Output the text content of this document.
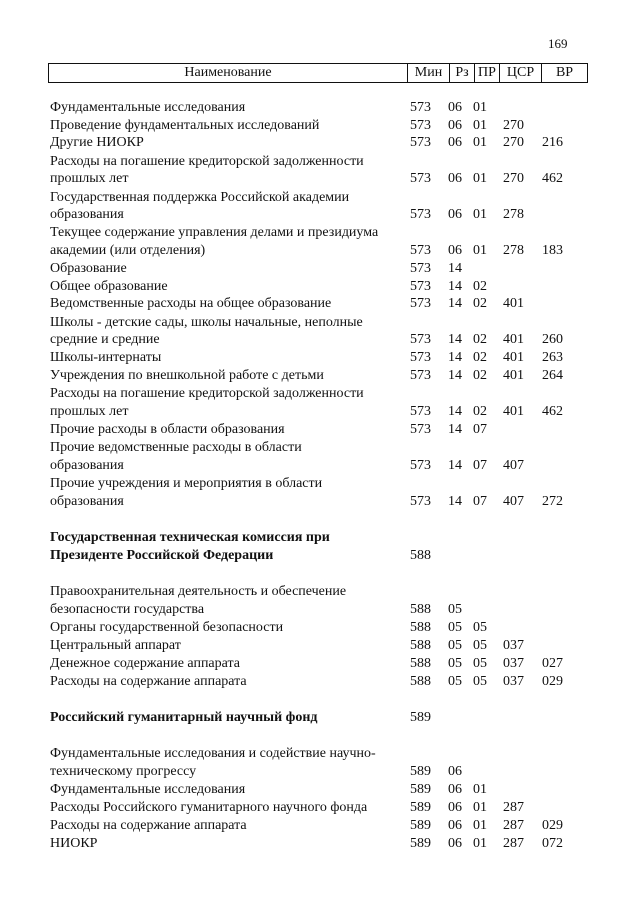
169
Наименование	Мин Рз ПР ЦСР	ВР
Фундаментальные исследования	573 06 01
Проведение фундаментальных исследований	573 06 01 270
Другие НИОКР	573 06 01 270 216
Расходы на погашение кредиторской задолженности
прошлых лет	573 06 01 270 462
Государственная поддержка Российской академии
образования	573 06 01 278
Текущее содержание управления делами и президиума
академии (или отделения)	573 06 01 278 183
Образование	573 14
Общее образование	573 14 02
Ведомственные расходы на общее образование	573 14 02 401
Школы - детские сады, школы начальные, неполные
средние и средние	573 14 02 401 260
Школы-интернаты	573 14 02 401 263
Учреждения по внешкольной работе с детьми	573 14 02 401 264
Расходы на погашение кредиторской задолженности
прошлых лет	573 14 02 401 462
Прочие расходы в области образования	573 14 07
Прочие ведомственные расходы в области
образования	573 14 07 407
Прочие учреждения и мероприятия в области
образования	573 14 07 407 272
Государственная техническая комиссия при
Президенте Российской Федерации	588
Правоохранительная деятельность и обеспечение
безопасности государства	588 05
Органы государственной безопасности	588 05 05
Центральный аппарат	588 05 05 037
Денежное содержание аппарата	588 05 05 037 027
Расходы на содержание аппарата	588 05 05 037 029
Российский гуманитарный научный фонд	589
Фундаментальные исследования и содействие научно-
техническому прогрессу	589 06
Фундаментальные исследования	589 06 01
Расходы Российского гуманитарного научного фонда	589 06 01 287
Расходы на содержание аппарата	589 06 01 287 029
НИОКР	589 06 01 287 072
